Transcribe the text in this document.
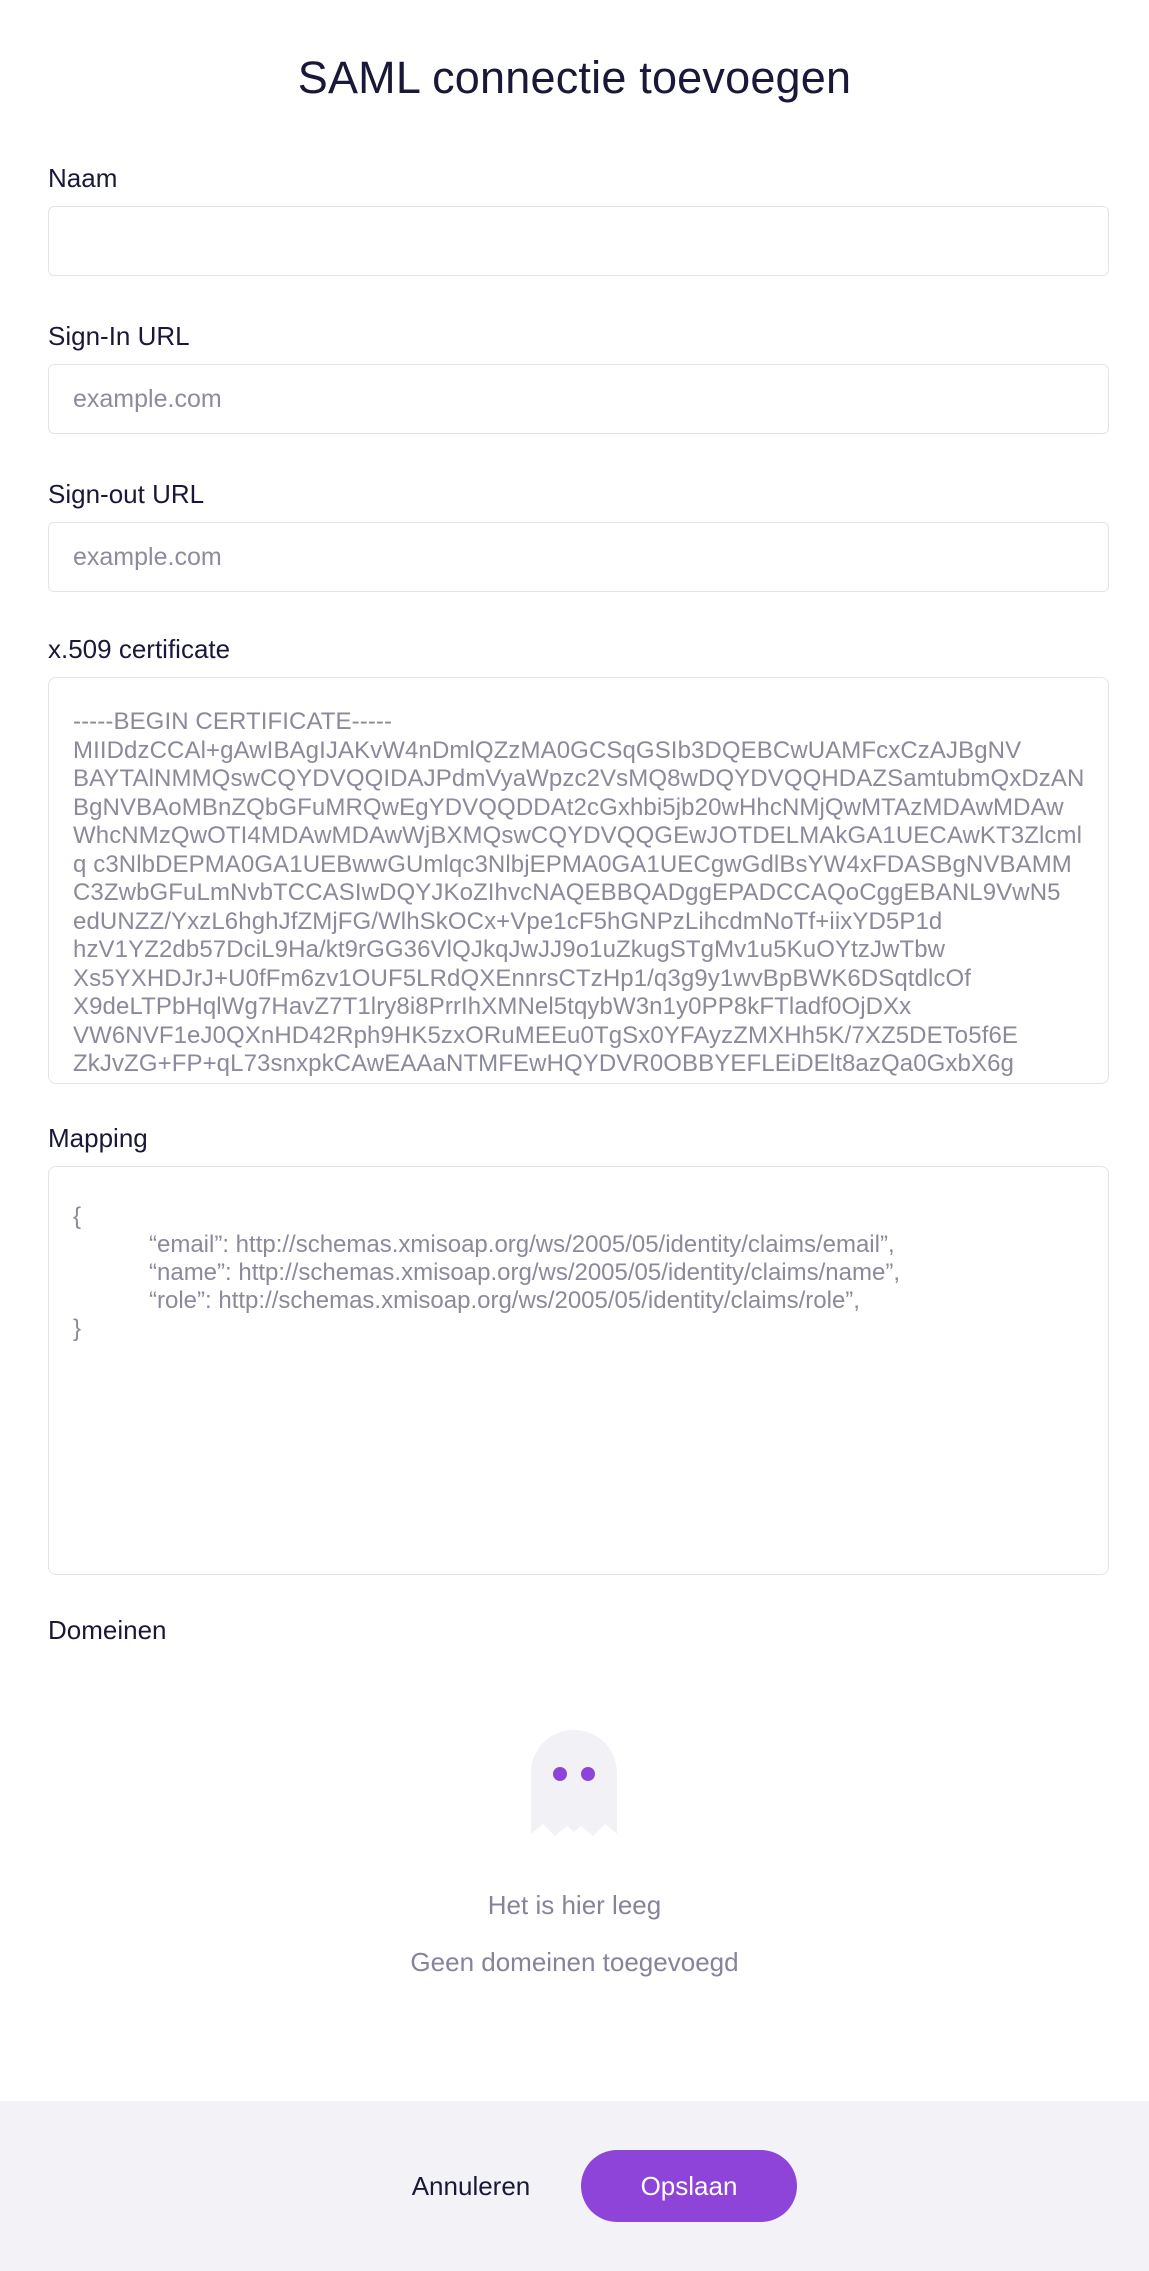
SAML connectie toevoegen
Naam
Sign-In URL
example.com
Sign-out URL
example.com
x.509 certificate
-----BEGIN CERTIFICATE-----
MIIDdzCCAl+gAwIBAgIJAKvW4nDmlQZzMA0GCSqGSIb3DQEBCwUAMFcxCzAJBgNV
BAYTAlNMMQswCQYDVQQIDAJPdmVyaWpzc2VsMQ8wDQYDVQQHDAZSamtubmQxDzAN
BgNVBAoMBnZQbGFuMRQwEgYDVQQDDAt2cGxhbi5jb20wHhcNMjQwMTAzMDAwMDAw
WhcNMzQwOTI4MDAwMDAwWjBXMQswCQYDVQQGEwJOTDELMAkGA1UECAwKT3Zlcml
q c3NlbDEPMA0GA1UEBwwGUmlqc3NlbjEPMA0GA1UECgwGdlBsYW4xFDASBgNVBAMM
C3ZwbGFuLmNvbTCCASIwDQYJKoZIhvcNAQEBBQADggEPADCCAQoCggEBANL9VwN5
edUNZZ/YxzL6hghJfZMjFG/WlhSkOCx+Vpe1cF5hGNPzLihcdmNoTf+iixYD5P1d
hzV1YZ2db57DciL9Ha/kt9rGG36VlQJkqJwJJ9o1uZkugSTgMv1u5KuOYtzJwTbw
Xs5YXHDJrJ+U0fFm6zv1OUF5LRdQXEnnrsCTzHp1/q3g9y1wvBpBWK6DSqtdlcOf
X9deLTPbHqlWg7HavZ7T1lry8i8PrrIhXMNel5tqybW3n1y0PP8kFTladf0OjDXx
VW6NVF1eJ0QXnHD42Rph9HK5zxORuMEEu0TgSx0YFAyzZMXHh5K/7XZ5DETo5f6E
ZkJvZG+FP+qL73snxpkCAwEAAaNTMFEwHQYDVR0OBBYEFLEiDElt8azQa0GxbX6g
Mapping
{
“email”: http://schemas.xmisoap.org/ws/2005/05/identity/claims/email”,
“name”: http://schemas.xmisoap.org/ws/2005/05/identity/claims/name”,
“role”: http://schemas.xmisoap.org/ws/2005/05/identity/claims/role”,
}
Domeinen
Het is hier leeg
Geen domeinen toegevoegd
Annuleren	Opslaan
